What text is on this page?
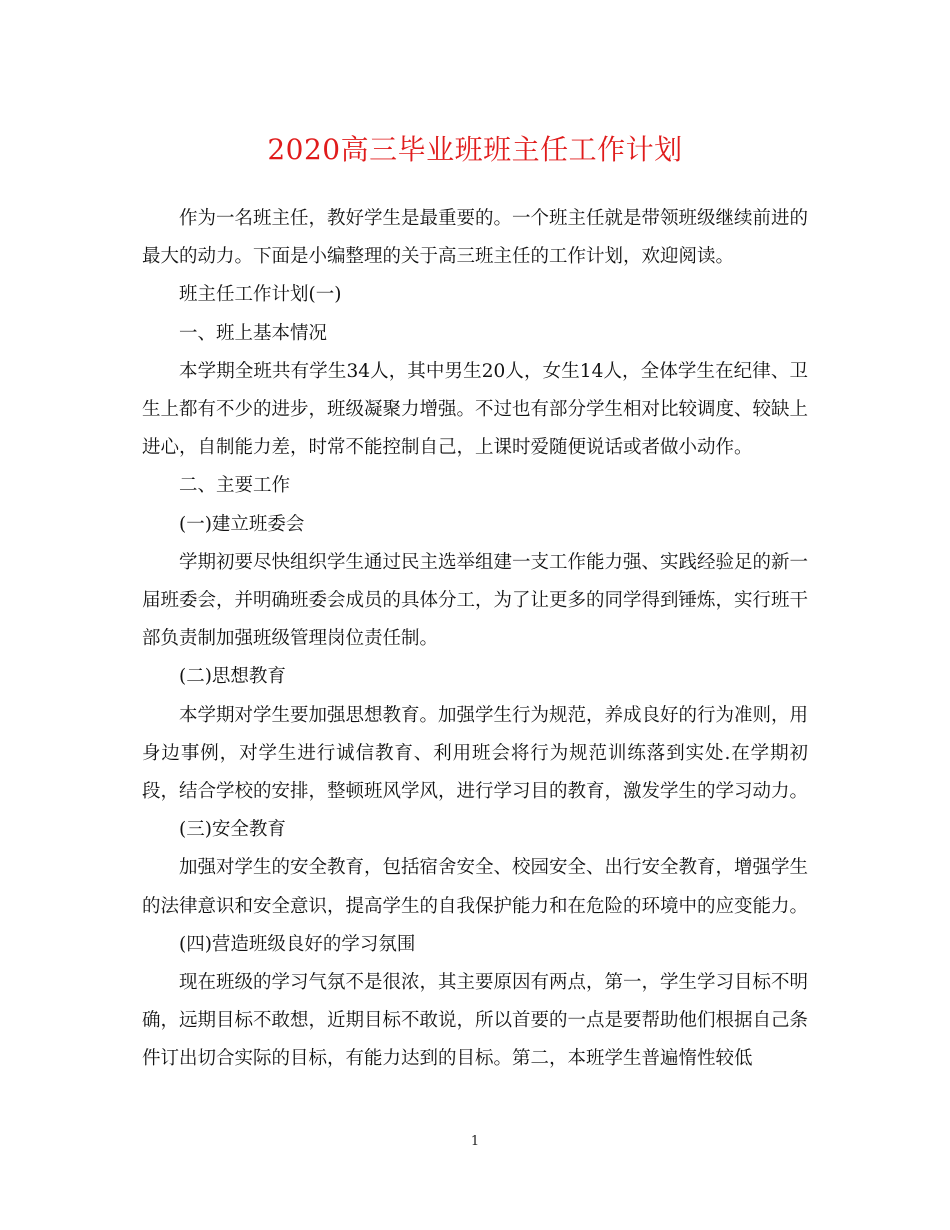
2020高三毕业班班主任工作计划

作为一名班主任，教好学生是最重要的。一个班主任就是带领班级继续前进的最大的动力。下面是小编整理的关于高三班主任的工作计划，欢迎阅读。

班主任工作计划(一)

一、班上基本情况

本学期全班共有学生34人，其中男生20人，女生14人，全体学生在纪律、卫生上都有不少的进步，班级凝聚力增强。不过也有部分学生相对比较调度、较缺上进心，自制能力差，时常不能控制自己，上课时爱随便说话或者做小动作。

二、主要工作

(一)建立班委会

学期初要尽快组织学生通过民主选举组建一支工作能力强、实践经验足的新一届班委会，并明确班委会成员的具体分工，为了让更多的同学得到锤炼，实行班干部负责制加强班级管理岗位责任制。

(二)思想教育

本学期对学生要加强思想教育。加强学生行为规范，养成良好的行为准则，用身边事例，对学生进行诚信教育、利用班会将行为规范训练落到实处.在学期初段，结合学校的安排，整顿班风学风，进行学习目的教育，激发学生的学习动力。

(三)安全教育

加强对学生的安全教育，包括宿舍安全、校园安全、出行安全教育，增强学生的法律意识和安全意识，提高学生的自我保护能力和在危险的环境中的应变能力。

(四)营造班级良好的学习氛围

现在班级的学习气氛不是很浓，其主要原因有两点，第一，学生学习目标不明确，远期目标不敢想，近期目标不敢说，所以首要的一点是要帮助他们根据自己条件订出切合实际的目标，有能力达到的目标。第二，本班学生普遍惰性较低

1
